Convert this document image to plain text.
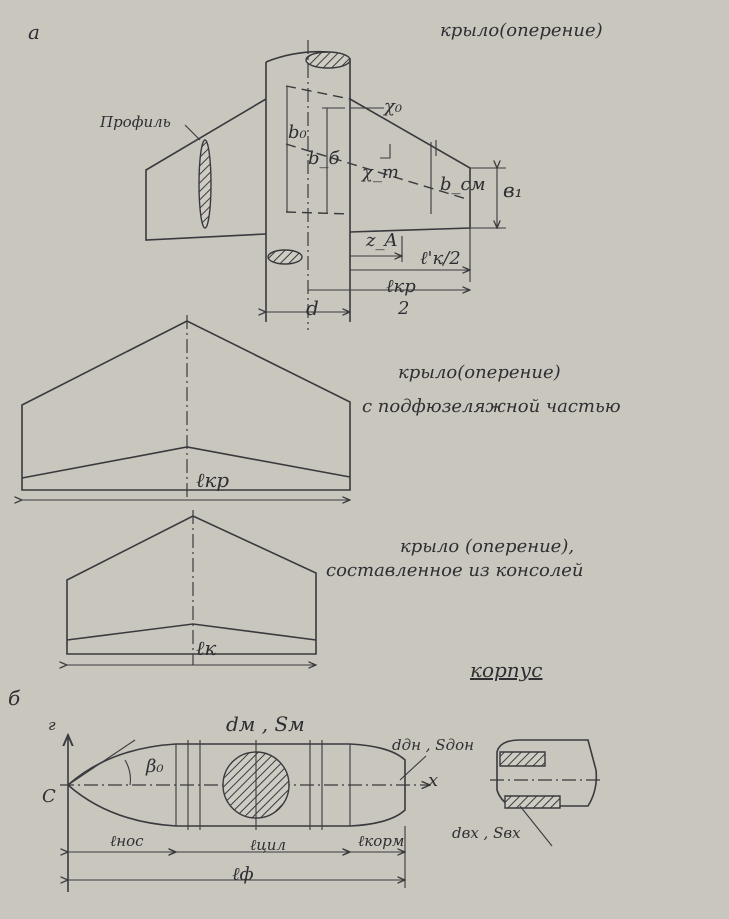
а	крыло(оперение)
Профиль
χ₀
b₀
b_б
χ_m
b_см в₁
z_A
ℓ'к/2
ℓкр
2
d
крыло(оперение)
с подфюзеляжной частью
ℓкр
крыло (оперение),
составленное из консолей
ℓк
б
корпус
г
С
х
β₀
dм , Sм
dдн , Sдон
ℓнос	ℓцил	ℓкорм
ℓф
dвх , Sвх
